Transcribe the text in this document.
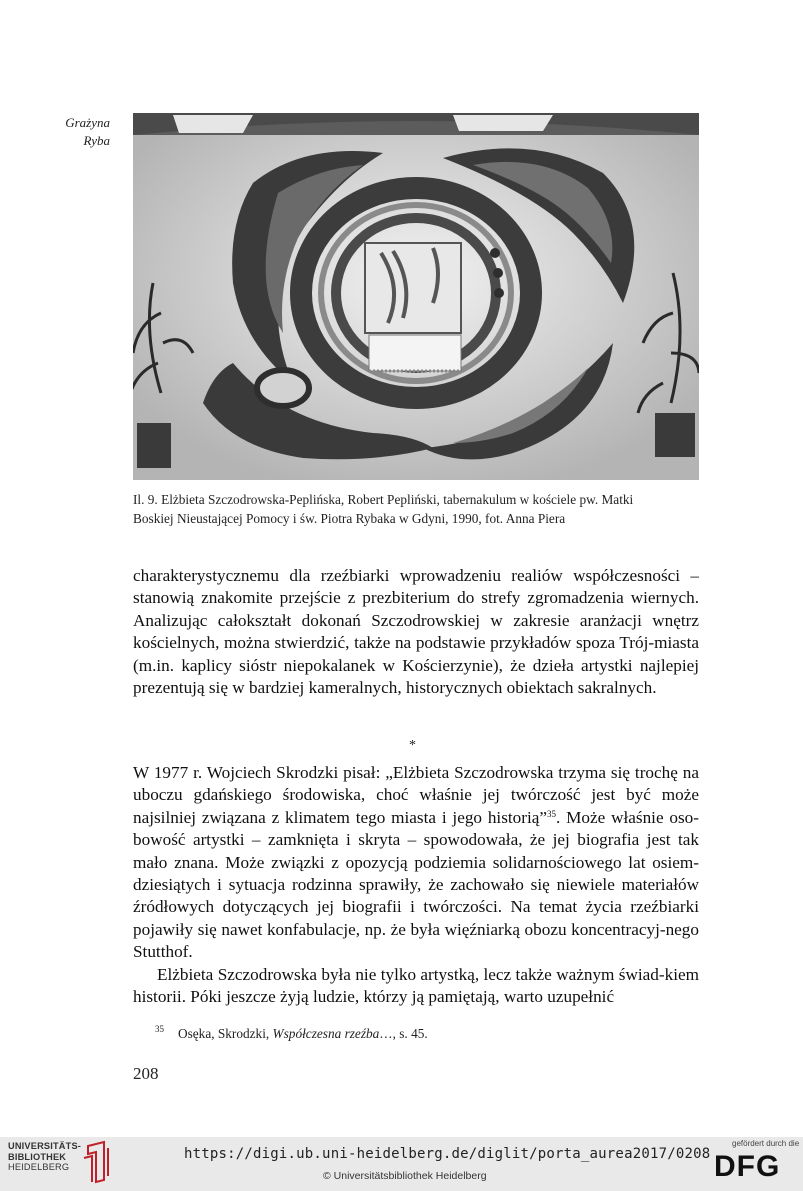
Grażyna
Ryba
Il. 9. Elżbieta Szczodrowska-Peplińska, Robert Pepliński, tabernakulum w kościele pw. Matki
Boskiej Nieustającej Pomocy i św. Piotra Rybaka w Gdyni, 1990, fot. Anna Piera

charakterystycznemu dla rzeźbiarki wprowadzeniu realiów współczesności – stanowią znakomite przejście z prezbiterium do strefy zgromadzenia wiernych. Analizując całokształt dokonań Szczodrowskiej w zakresie aranżacji wnętrz kościelnych, można stwierdzić, także na podstawie przykładów spoza Trój-miasta (m.in. kaplicy sióstr niepokalanek w Kościerzynie), że dzieła artystki najlepiej prezentują się w bardziej kameralnych, historycznych obiektach sakralnych.

*

W 1977 r. Wojciech Skrodzki pisał: „Elżbieta Szczodrowska trzyma się trochę na uboczu gdańskiego środowiska, choć właśnie jej twórczość jest być może najsilniej związana z klimatem tego miasta i jego historią”$^{35}$. Może właśnie oso-bowość artystki – zamknięta i skryta – spowodowała, że jej biografia jest tak mało znana. Może związki z opozycją podziemia solidarnościowego lat osiem-dziesiątych i sytuacja rodzinna sprawiły, że zachowało się niewiele materiałów źródłowych dotyczących jej biografii i twórczości. Na temat życia rzeźbiarki pojawiły się nawet konfabulacje, np. że była więźniarką obozu koncentracyj-nego Stutthof.

Elżbieta Szczodrowska była nie tylko artystką, lecz także ważnym świad-kiem historii. Póki jeszcze żyją ludzie, którzy ją pamiętają, warto uzupełnić

35 Osęka, Skrodzki, Współczesna rzeźba…, s. 45.
208
UNIVERSITÄTS-
BIBLIOTHEK
HEIDELBERG
https://digi.ub.uni-heidelberg.de/diglit/porta_aurea2017/0208
© Universitätsbibliothek Heidelberg
gefördert durch die
DFG
